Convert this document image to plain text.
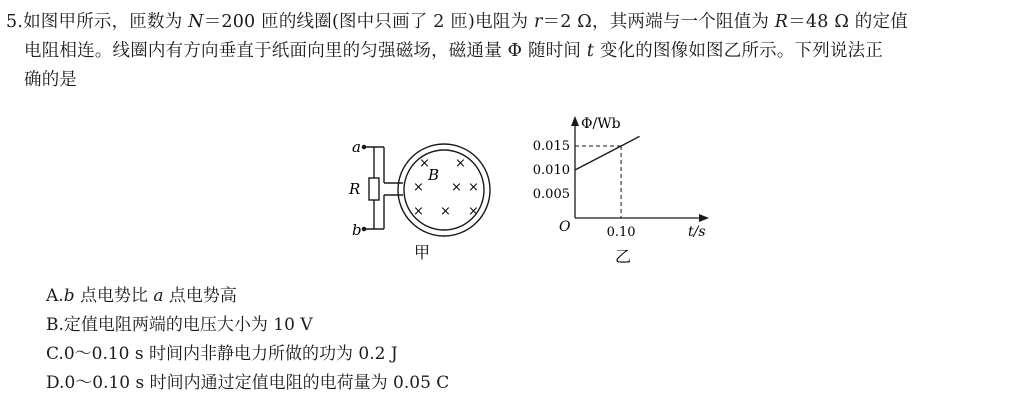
5.如图甲所示，匝数为 N＝200 匝的线圈(图中只画了 2 匝)电阻为 r＝2 Ω，其两端与一个阻值为 R＝48 Ω 的定值
电阻相连。线圈内有方向垂直于纸面向里的匀强磁场，磁通量 Φ 随时间 t 变化的图像如图乙所示。下列说法正
确的是
a
b
R
B
× ×
× × ×
× × ×
甲
Φ/Wb
t/s
O
0.015
0.010
0.005
0.10
乙
A.b 点电势比 a 点电势高
B.定值电阻两端的电压大小为 10 V
C.0～0.10 s 时间内非静电力所做的功为 0.2 J
D.0～0.10 s 时间内通过定值电阻的电荷量为 0.05 C
